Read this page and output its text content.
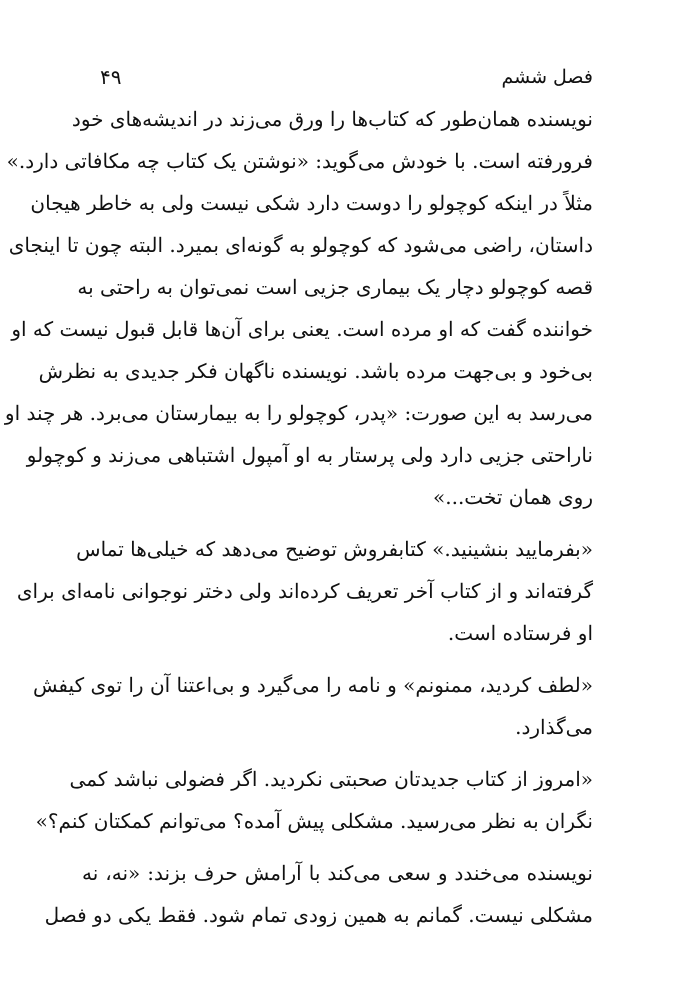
فصل ششم
۴۹
نویسنده همان‌طور که کتاب‌ها را ورق می‌زند در اندیشه‌های خود
فرورفته است. با خودش می‌گوید: «نوشتن یک کتاب چه مکافاتی دارد.»
مثلاً در اینکه کوچولو را دوست دارد شکی نیست ولی به خاطر هیجان
داستان، راضی می‌شود که کوچولو به گونه‌ای بمیرد. البته چون تا اینجای
قصه کوچولو دچار یک بیماری جزیی است نمی‌توان به راحتی به
خواننده گفت که او مرده است. یعنی برای آن‌ها قابل قبول نیست که او
بی‌خود و بی‌جهت مرده باشد. نویسنده ناگهان فکر جدیدی به نظرش
می‌رسد به این صورت: «پدر، کوچولو را به بیمارستان می‌برد. هر چند او
ناراحتی جزیی دارد ولی پرستار به او آمپول اشتباهی می‌زند و کوچولو
روی همان تخت...»
«بفرمایید بنشینید.» کتابفروش توضیح می‌دهد که خیلی‌ها تماس
گرفته‌اند و از کتاب آخر تعریف کرده‌اند ولی دختر نوجوانی نامه‌ای برای
او فرستاده است.
«لطف کردید، ممنونم» و نامه را می‌گیرد و بی‌اعتنا آن را توی کیفش
می‌گذارد.
«امروز از کتاب جدیدتان صحبتی نکردید. اگر فضولی نباشد کمی
نگران به نظر می‌رسید. مشکلی پیش آمده؟ می‌توانم کمکتان کنم؟»
نویسنده می‌خندد و سعی می‌کند با آرامش حرف بزند: «نه، نه
مشکلی نیست. گمانم به همین زودی تمام شود. فقط یکی دو فصل
